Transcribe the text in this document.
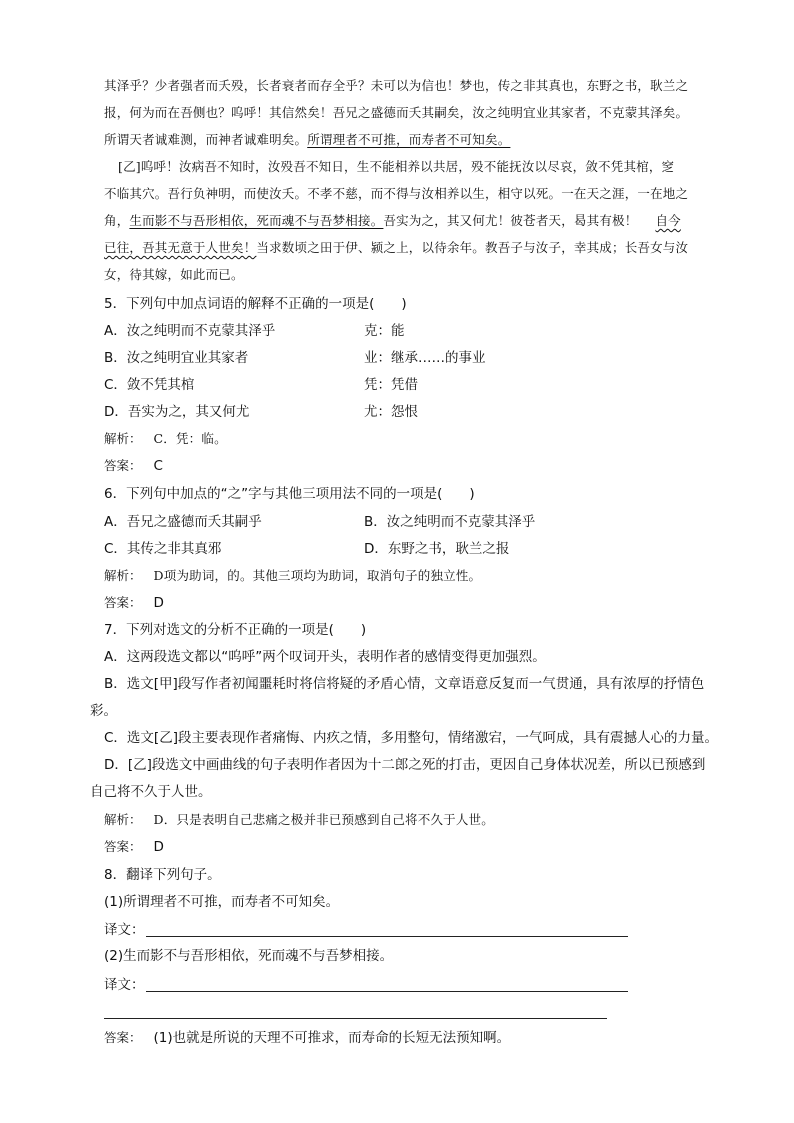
其泽乎？少者强者而夭殁，长者衰者而存全乎？未可以为信也！梦也，传之非其真也，东野之书，耿兰之
报，何为而在吾侧也？呜呼！其信然矣！吾兄之盛德而夭其嗣矣，汝之纯明宜业其家者，不克蒙其泽矣。
所谓天者诚难测，而神者诚难明矣。所谓理者不可推，而寿者不可知矣。
[乙]呜呼！汝病吾不知时，汝殁吾不知日，生不能相养以共居，殁不能抚汝以尽哀，敛不凭其棺，窆
不临其穴。吾行负神明，而使汝夭。不孝不慈，而不得与汝相养以生，相守以死。一在天之涯，一在地之
角，生而影不与吾形相依，死而魂不与吾梦相接。吾实为之，其又何尤！彼苍者天，曷其有极！ 自今
已往，吾其无意于人世矣！当求数顷之田于伊、颍之上，以待余年。教吾子与汝子，幸其成；长吾女与汝
女，待其嫁，如此而已。
5．下列句中加点词语的解释不正确的一项是(　　)
A．汝之纯明而不克蒙其泽乎	克：能
B．汝之纯明宜业其家者	业：继承……的事业
C．敛不凭其棺	凭：凭借
D．吾实为之，其又何尤	尤：怨恨
解析： C．凭：临。
答案： C
6．下列句中加点的“之”字与其他三项用法不同的一项是(　　)
A．吾兄之盛德而夭其嗣乎	B．汝之纯明而不克蒙其泽乎
C．其传之非其真邪	D．东野之书，耿兰之报
解析： D项为助词，的。其他三项均为助词，取消句子的独立性。
答案： D
7．下列对选文的分析不正确的一项是(　　)
A．这两段选文都以“呜呼”两个叹词开头，表明作者的感情变得更加强烈。
B．选文[甲]段写作者初闻噩耗时将信将疑的矛盾心情，文章语意反复而一气贯通，具有浓厚的抒情色
彩。
C．选文[乙]段主要表现作者痛悔、内疚之情，多用整句，情绪激宕，一气呵成，具有震撼人心的力量。
D．[乙]段选文中画曲线的句子表明作者因为十二郎之死的打击，更因自己身体状况差，所以已预感到
自己将不久于人世。
解析： D．只是表明自己悲痛之极并非已预感到自己将不久于人世。
答案： D
8．翻译下列句子。
(1)所谓理者不可推，而寿者不可知矣。
译文：
(2)生而影不与吾形相依，死而魂不与吾梦相接。
译文：
答案： (1)也就是所说的天理不可推求，而寿命的长短无法预知啊。
